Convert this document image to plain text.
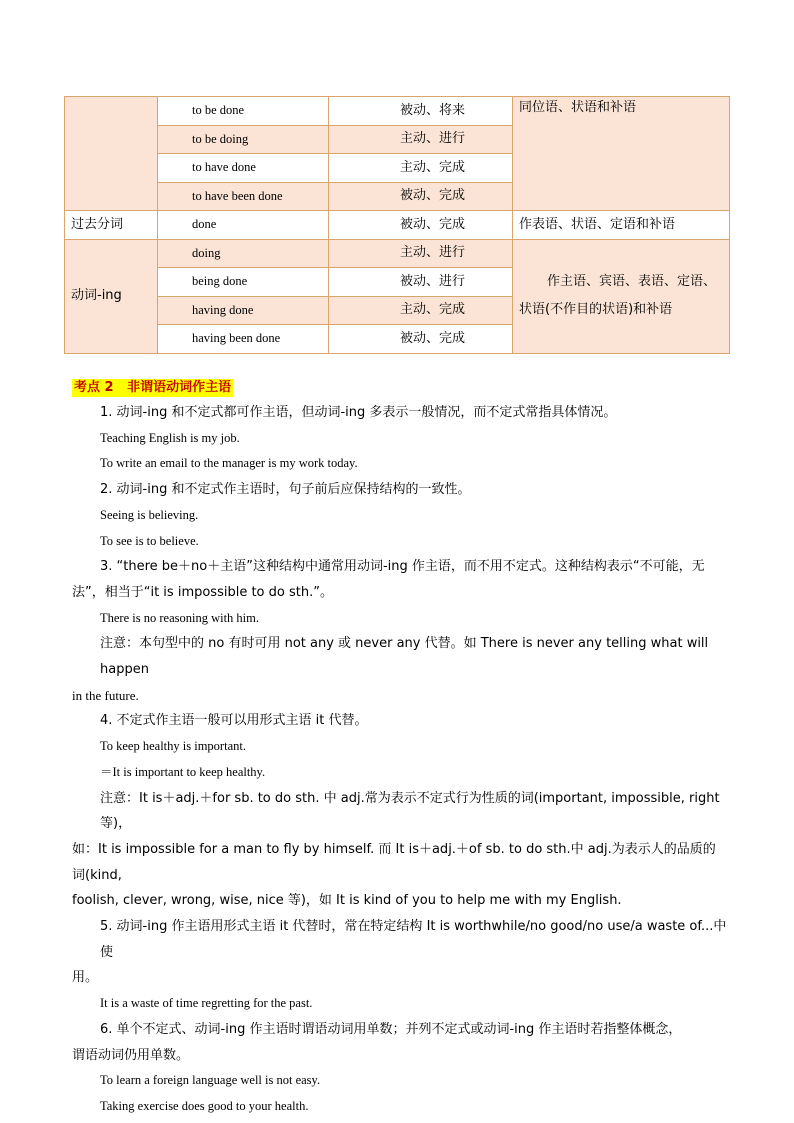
	to be done	被动、将来	同位语、状语和补语
	to be doing	主动、进行	
	to have done	主动、完成	
	to have been done	被动、完成	
过去分词	done	被动、完成	作表语、状语、定语和补语
动词-ing	doing	主动、进行	作主语、宾语、表语、定语、
状语(不作目的状语)和补语

	being done	被动、进行	
	having done	主动、完成	
	having been done	被动、完成	
考点 2 非谓语动词作主语

1. 动词-ing 和不定式都可作主语，但动词-ing 多表示一般情况，而不定式常指具体情况。

Teaching English is my job.

To write an email to the manager is my work today.

2. 动词-ing 和不定式作主语时，句子前后应保持结构的一致性。

Seeing is believing.

To see is to believe.

3. “there be＋no＋主语”这种结构中通常用动词-ing 作主语，而不用不定式。这种结构表示“不可能，无

法”，相当于“it is impossible to do sth.”。

There is no reasoning with him.

注意：本句型中的 no 有时可用 not any 或 never any 代替。如 There is never any telling what will happen

in the future.

4. 不定式作主语一般可以用形式主语 it 代替。

To keep healthy is important.

＝It is important to keep healthy.

注意：It is＋adj.＋for sb. to do sth. 中 adj.常为表示不定式行为性质的词(important, impossible, right 等)，

如：It is impossible for a man to fly by himself. 而 It is＋adj.＋of sb. to do sth.中 adj.为表示人的品质的词(kind,

foolish, clever, wrong, wise, nice 等)，如 It is kind of you to help me with my English.

5. 动词-ing 作主语用形式主语 it 代替时，常在特定结构 It is worthwhile/no good/no use/a waste of...中使

用。

It is a waste of time regretting for the past.

6. 单个不定式、动词-ing 作主语时谓语动词用单数；并列不定式或动词-ing 作主语时若指整体概念，

谓语动词仍用单数。

To learn a foreign language well is not easy.

Taking exercise does good to your health.
